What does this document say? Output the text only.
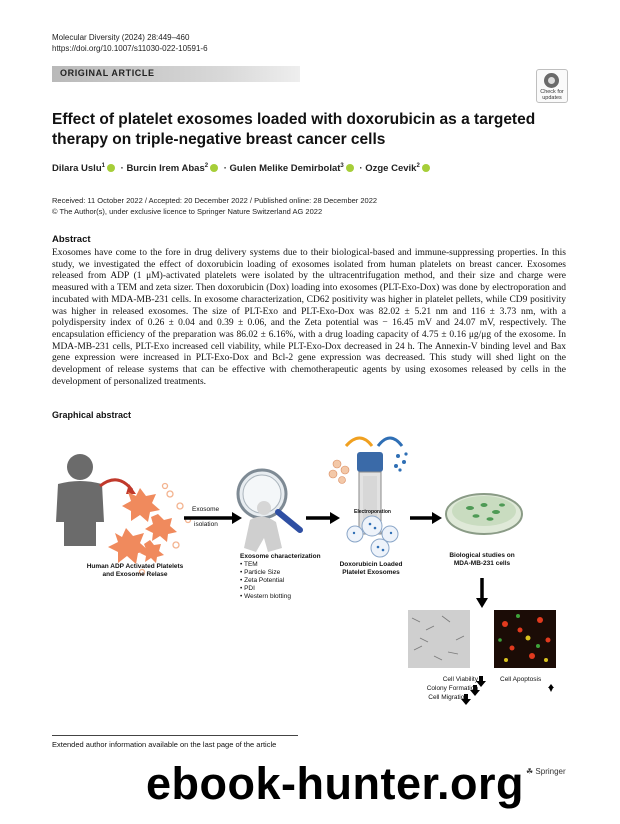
Molecular Diversity (2024) 28:449–460
https://doi.org/10.1007/s11030-022-10591-6
ORIGINAL ARTICLE
Check for updates
Effect of platelet exosomes loaded with doxorubicin as a targeted therapy on triple-negative breast cancer cells
Dilara Uslu$^1$ · Burcin Irem Abas$^2$ · Gulen Melike Demirbolat$^3$ · Ozge Cevik$^2$
Received: 11 October 2022 / Accepted: 20 December 2022 / Published online: 28 December 2022
© The Author(s), under exclusive licence to Springer Nature Switzerland AG 2022
Abstract
Exosomes have come to the fore in drug delivery systems due to their biological-based and immune-suppressing properties. In this study, we investigated the effect of doxorubicin loading of exosomes isolated from human platelets on breast cancer. Exosomes released from ADP (1 μM)-activated platelets were isolated by the ultracentrifugation method, and their size and charge were measured with a TEM and zeta sizer. Then doxorubicin (Dox) loading into exosomes (PLT-Exo-Dox) was done by electroporation and incubated with MDA-MB-231 cells. In exosome characterization, CD62 positivity was higher in platelet pellets, while CD9 positivity was higher in released exosomes. The size of PLT-Exo and PLT-Exo-Dox was 82.02 ± 5.21 nm and 116 ± 3.73 nm, with a polydispersity index of 0.26 ± 0.04 and 0.39 ± 0.06, and the Zeta potential was − 16.45 mV and 24.07 mV, respectively. The encapsulation efficiency of the preparation was 86.02 ± 6.16%, with a drug loading capacity of 4.75 ± 0.16 μg/μg of the exosome. In MDA-MB-231 cells, PLT-Exo increased cell viability, while PLT-Exo-Dox decreased in 24 h. The Annexin-V binding level and Bax gene expression were increased in PLT-Exo-Dox and Bcl-2 gene expression was decreased. This study will shed light on the development of release systems that can be effective with chemotherapeutic agents by using exosomes released by cells in the development of personalized treatments.
Graphical abstract
Exosome
isolation
Human ADP Activated Platelets
and Exosome Relase
Exosome characterization
• TEM
• Particle Size
• Zeta Potential
• PDI
• Western blotting
Electroporation
Doxorubicin Loaded
Platelet Exosomes
Biological studies on
MDA-MB-231 cells
Cell Viability
Colony Formation
Cell Migration
Cell Apoptosis
Extended author information available on the last page of the article
ebook-hunter.org ☘ Springer
